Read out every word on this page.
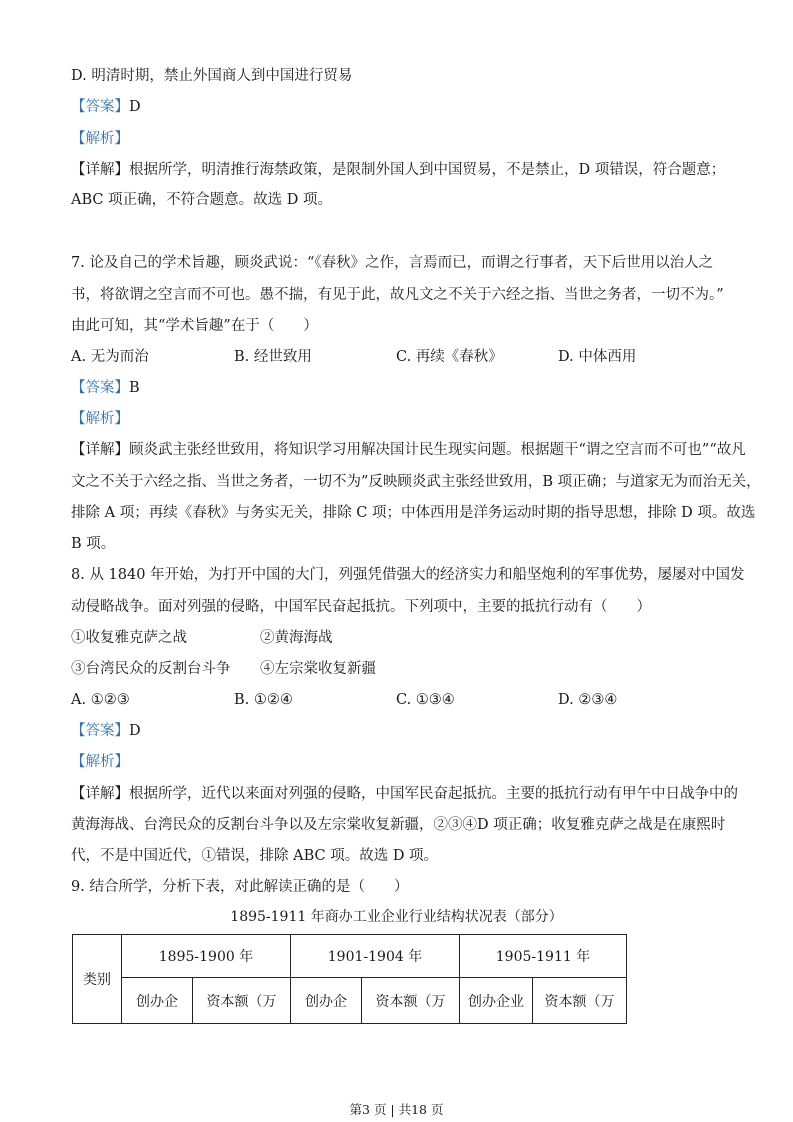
D. 明清时期，禁止外国商人到中国进行贸易
【答案】D
【解析】
【详解】根据所学，明清推行海禁政策，是限制外国人到中国贸易，不是禁止，D 项错误，符合题意；
ABC 项正确，不符合题意。故选 D 项。
7. 论及自己的学术旨趣，顾炎武说：“《春秋》之作，言焉而已，而谓之行事者，天下后世用以治人之
书，将欲谓之空言而不可也。愚不揣，有见于此，故凡文之不关于六经之指、当世之务者，一切不为。”
由此可知，其“学术旨趣”在于（　　）
A. 无为而治	B. 经世致用	C. 再续《春秋》	D. 中体西用
【答案】B
【解析】
【详解】顾炎武主张经世致用，将知识学习用解决国计民生现实问题。根据题干“谓之空言而不可也”“故凡
文之不关于六经之指、当世之务者，一切不为”反映顾炎武主张经世致用，B 项正确；与道家无为而治无关，
排除 A 项；再续《春秋》与务实无关，排除 C 项；中体西用是洋务运动时期的指导思想，排除 D 项。故选
B 项。
8. 从 1840 年开始，为打开中国的大门，列强凭借强大的经济实力和船坚炮利的军事优势，屡屡对中国发
动侵略战争。面对列强的侵略，中国军民奋起抵抗。下列项中，主要的抵抗行动有（　　）
①收复雅克萨之战	②黄海海战
③台湾民众的反割台斗争 ④左宗棠收复新疆
A. ①②③	B. ①②④	C. ①③④	D. ②③④
【答案】D
【解析】
【详解】根据所学，近代以来面对列强的侵略，中国军民奋起抵抗。主要的抵抗行动有甲午中日战争中的
黄海海战、台湾民众的反割台斗争以及左宗棠收复新疆，②③④D 项正确；收复雅克萨之战是在康熙时
代，不是中国近代，①错误，排除 ABC 项。故选 D 项。
9. 结合所学，分析下表，对此解读正确的是（　　）
1895-1911 年商办工业企业行业结构状况表（部分）
类别	1895-1900 年		1901-1904 年		1905-1911 年	
	创办企	资本额（万	创办企	资本额（万	创办企业	资本额（万
第3 页 | 共18 页
